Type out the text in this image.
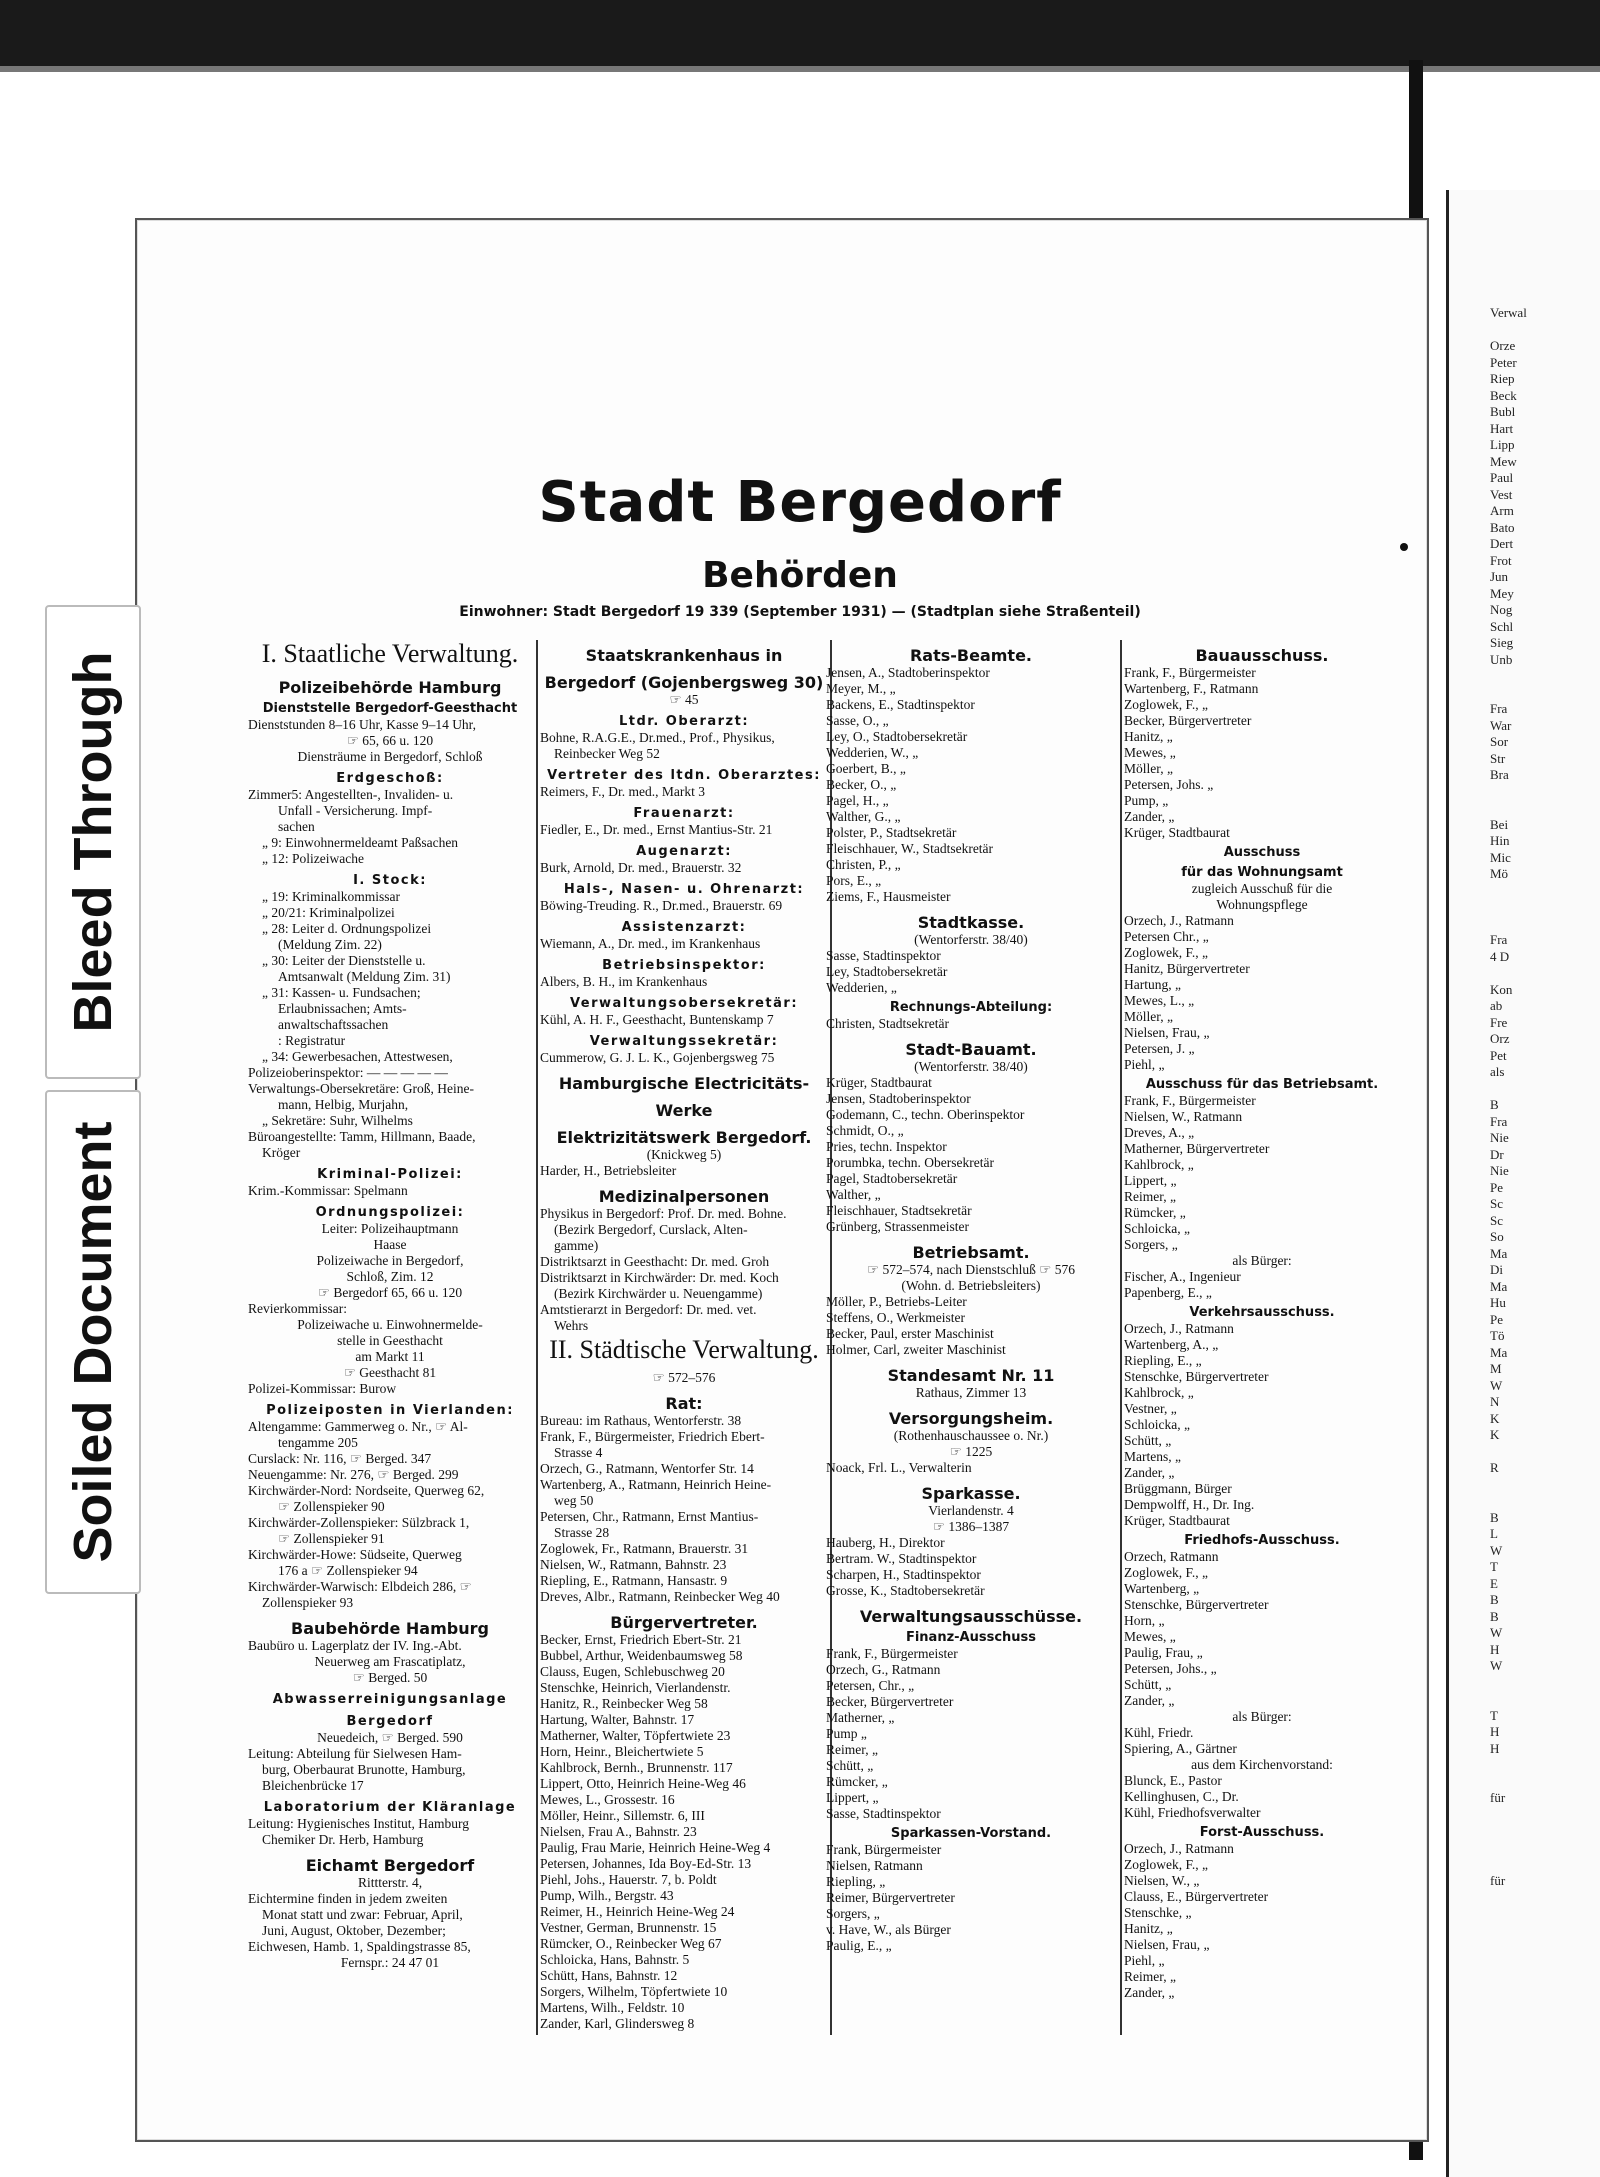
Verwal

Orze
Peter
Riep
Beck
Bubl
Hart
Lipp
Mew
Paul
Vest
Arm
Bato
Dert
Frot
Jun
Mey
Nog
Schl
Sieg
Unb

Fra
War
Sor
Str
Bra

Bei
Hin
Mic
Mö

Fra
4 D

Kon
ab
Fre
Orz
Pet
als

B
Fra
Nie
Dr
Nie
Pe
Sc
Sc
So
Ma
Di
Ma
Hu
Pe
Tö
Ma
M
W
N
K
K

R

B
L
W
T
E
B
B
W
H
W

T
H
H

für

für
Bleed Through
Soiled Document
Stadt Bergedorf
Behörden
Einwohner: Stadt Bergedorf 19 339 (September 1931) — (Stadtplan siehe Straßenteil)

I. Staatliche Verwaltung.

Polizeibehörde Hamburg

Dienststelle Bergedorf-Geesthacht

Dienststunden 8–16 Uhr, Kasse 9–14 Uhr,

☞ 65, 66 u. 120

Diensträume in Bergedorf, Schloß

Erdgeschoß:

Zimmer5: Angestellten-, Invaliden- u.

Unfall - Versicherung. Impf-

sachen

„ 9: Einwohnermeldeamt Paßsachen

„ 12: Polizeiwache

I. Stock:

„ 19: Kriminalkommissar

„ 20/21: Kriminalpolizei

„ 28: Leiter d. Ordnungspolizei

(Meldung Zim. 22)

„ 30: Leiter der Dienststelle u.

Amtsanwalt (Meldung Zim. 31)

„ 31: Kassen- u. Fundsachen;

Erlaubnissachen; Amts-

anwaltschaftssachen

: Registratur

„ 34: Gewerbesachen, Attestwesen,

Polizeioberinspektor: — — — — —

Verwaltungs-Obersekretäre: Groß, Heine-

mann, Helbig, Murjahn,

„ Sekretäre: Suhr, Wilhelms

Büroangestellte: Tamm, Hillmann, Baade,

Kröger

Kriminal-Polizei:

Krim.-Kommissar: Spelmann

Ordnungspolizei:

Leiter: Polizeihauptmann

Haase

Polizeiwache in Bergedorf,

Schloß, Zim. 12

☞ Bergedorf 65, 66 u. 120

Revierkommissar:

Polizeiwache u. Einwohnermelde-

stelle in Geesthacht

am Markt 11

☞ Geesthacht 81

Polizei-Kommissar: Burow

Polizeiposten in Vierlanden:

Altengamme: Gammerweg o. Nr., ☞ Al-

tengamme 205

Curslack: Nr. 116, ☞ Berged. 347

Neuengamme: Nr. 276, ☞ Berged. 299

Kirchwärder-Nord: Nordseite, Querweg 62,

☞ Zollenspieker 90

Kirchwärder-Zollenspieker: Sülzbrack 1,

☞ Zollenspieker 91

Kirchwärder-Howe: Südseite, Querweg

176 a ☞ Zollenspieker 94

Kirchwärder-Warwisch: Elbdeich 286, ☞

Zollenspieker 93

Baubehörde Hamburg

Baubüro u. Lagerplatz der IV. Ing.-Abt.

Neuerweg am Frascatiplatz,

☞ Berged. 50

Abwasserreinigungsanlage

Bergedorf

Neuedeich, ☞ Berged. 590

Leitung: Abteilung für Sielwesen Ham-

burg, Oberbaurat Brunotte, Hamburg,

Bleichenbrücke 17

Laboratorium der Kläranlage

Leitung: Hygienisches Institut, Hamburg

Chemiker Dr. Herb, Hamburg

Eichamt Bergedorf

Rittterstr. 4,

Eichtermine finden in jedem zweiten

Monat statt und zwar: Februar, April,

Juni, August, Oktober, Dezember;

Eichwesen, Hamb. 1, Spaldingstrasse 85,

Fernspr.: 24 47 01

Staatskrankenhaus in

Bergedorf (Gojenbergsweg 30)

☞ 45

Ltdr. Oberarzt:

Bohne, R.A.G.E., Dr.med., Prof., Physikus,

Reinbecker Weg 52

Vertreter des ltdn. Oberarztes:

Reimers, F., Dr. med., Markt 3

Frauenarzt:

Fiedler, E., Dr. med., Ernst Mantius-Str. 21

Augenarzt:

Burk, Arnold, Dr. med., Brauerstr. 32

Hals-, Nasen- u. Ohrenarzt:

Böwing-Treuding. R., Dr.med., Brauerstr. 69

Assistenzarzt:

Wiemann, A., Dr. med., im Krankenhaus

Betriebsinspektor:

Albers, B. H., im Krankenhaus

Verwaltungsobersekretär:

Kühl, A. H. F., Geesthacht, Buntenskamp 7

Verwaltungssekretär:

Cummerow, G. J. L. K., Gojenbergsweg 75

Hamburgische Electricitäts-

Werke

Elektrizitätswerk Bergedorf.

(Knickweg 5)

Harder, H., Betriebsleiter

Medizinalpersonen

Physikus in Bergedorf: Prof. Dr. med. Bohne.

(Bezirk Bergedorf, Curslack, Alten-

gamme)

Distriktsarzt in Geesthacht: Dr. med. Groh

Distriktsarzt in Kirchwärder: Dr. med. Koch

(Bezirk Kirchwärder u. Neuengamme)

Amtstierarzt in Bergedorf: Dr. med. vet.

Wehrs

II. Städtische Verwaltung.

☞ 572–576

Rat:

Bureau: im Rathaus, Wentorferstr. 38

Frank, F., Bürgermeister, Friedrich Ebert-

Strasse 4

Orzech, G., Ratmann, Wentorfer Str. 14

Wartenberg, A., Ratmann, Heinrich Heine-

weg 50

Petersen, Chr., Ratmann, Ernst Mantius-

Strasse 28

Zoglowek, Fr., Ratmann, Brauerstr. 31

Nielsen, W., Ratmann, Bahnstr. 23

Riepling, E., Ratmann, Hansastr. 9

Dreves, Albr., Ratmann, Reinbecker Weg 40

Bürgervertreter.

Becker, Ernst, Friedrich Ebert-Str. 21

Bubbel, Arthur, Weidenbaumsweg 58

Clauss, Eugen, Schlebuschweg 20

Stenschke, Heinrich, Vierlandenstr.

Hanitz, R., Reinbecker Weg 58

Hartung, Walter, Bahnstr. 17

Matherner, Walter, Töpfertwiete 23

Horn, Heinr., Bleichertwiete 5

Kahlbrock, Bernh., Brunnenstr. 117

Lippert, Otto, Heinrich Heine-Weg 46

Mewes, L., Grossestr. 16

Möller, Heinr., Sillemstr. 6, III

Nielsen, Frau A., Bahnstr. 23

Paulig, Frau Marie, Heinrich Heine-Weg 4

Petersen, Johannes, Ida Boy-Ed-Str. 13

Piehl, Johs., Hauerstr. 7, b. Poldt

Pump, Wilh., Bergstr. 43

Reimer, H., Heinrich Heine-Weg 24

Vestner, German, Brunnenstr. 15

Rümcker, O., Reinbecker Weg 67

Schloicka, Hans, Bahnstr. 5

Schütt, Hans, Bahnstr. 12

Sorgers, Wilhelm, Töpfertwiete 10

Martens, Wilh., Feldstr. 10

Zander, Karl, Glindersweg 8

Rats-Beamte.

Jensen, A., Stadtoberinspektor

Meyer, M., „

Backens, E., Stadtinspektor

Sasse, O., „

Ley, O., Stadtobersekretär

Wedderien, W., „

Goerbert, B., „

Becker, O., „

Pagel, H., „

Walther, G., „

Polster, P., Stadtsekretär

Fleischhauer, W., Stadtsekretär

Christen, P., „

Pors, E., „

Ziems, F., Hausmeister

Stadtkasse.

(Wentorferstr. 38/40)

Sasse, Stadtinspektor

Ley, Stadtobersekretär

Wedderien, „

Rechnungs-Abteilung:

Christen, Stadtsekretär

Stadt-Bauamt.

(Wentorferstr. 38/40)

Krüger, Stadtbaurat

Jensen, Stadtoberinspektor

Godemann, C., techn. Oberinspektor

Schmidt, O., „

Pries, techn. Inspektor

Porumbka, techn. Obersekretär

Pagel, Stadtobersekretär

Walther, „

Fleischhauer, Stadtsekretär

Grünberg, Strassenmeister

Betriebsamt.

☞ 572–574, nach Dienstschluß ☞ 576

(Wohn. d. Betriebsleiters)

Möller, P., Betriebs-Leiter

Steffens, O., Werkmeister

Becker, Paul, erster Maschinist

Holmer, Carl, zweiter Maschinist

Standesamt Nr. 11

Rathaus, Zimmer 13

Versorgungsheim.

(Rothenhauschaussee o. Nr.)

☞ 1225

Noack, Frl. L., Verwalterin

Sparkasse.

Vierlandenstr. 4

☞ 1386–1387

Hauberg, H., Direktor

Bertram. W., Stadtinspektor

Scharpen, H., Stadtinspektor

Grosse, K., Stadtobersekretär

Verwaltungsausschüsse.

Finanz-Ausschuss

Frank, F., Bürgermeister

Orzech, G., Ratmann

Petersen, Chr., „

Becker, Bürgervertreter

Matherner, „

Pump „

Reimer, „

Schütt, „

Rümcker, „

Lippert, „

Sasse, Stadtinspektor

Sparkassen-Vorstand.

Frank, Bürgermeister

Nielsen, Ratmann

Riepling, „

Reimer, Bürgervertreter

Sorgers, „

v. Have, W., als Bürger

Paulig, E., „

Bauausschuss.

Frank, F., Bürgermeister

Wartenberg, F., Ratmann

Zoglowek, F., „

Becker, Bürgervertreter

Hanitz, „

Mewes, „

Möller, „

Petersen, Johs. „

Pump, „

Zander, „

Krüger, Stadtbaurat

Ausschuss

für das Wohnungsamt

zugleich Ausschuß für die

Wohnungspflege

Orzech, J., Ratmann

Petersen Chr., „

Zoglowek, F., „

Hanitz, Bürgervertreter

Hartung, „

Mewes, L., „

Möller, „

Nielsen, Frau, „

Petersen, J. „

Piehl, „

Ausschuss für das Betriebsamt.

Frank, F., Bürgermeister

Nielsen, W., Ratmann

Dreves, A., „

Matherner, Bürgervertreter

Kahlbrock, „

Lippert, „

Reimer, „

Rümcker, „

Schloicka, „

Sorgers, „

als Bürger:

Fischer, A., Ingenieur

Papenberg, E., „

Verkehrsausschuss.

Orzech, J., Ratmann

Wartenberg, A., „

Riepling, E., „

Stenschke, Bürgervertreter

Kahlbrock, „

Vestner, „

Schloicka, „

Schütt, „

Martens, „

Zander, „

Brüggmann, Bürger

Dempwolff, H., Dr. Ing.

Krüger, Stadtbaurat

Friedhofs-Ausschuss.

Orzech, Ratmann

Zoglowek, F., „

Wartenberg, „

Stenschke, Bürgervertreter

Horn, „

Mewes, „

Paulig, Frau, „

Petersen, Johs., „

Schütt, „

Zander, „

als Bürger:

Kühl, Friedr.

Spiering, A., Gärtner

aus dem Kirchenvorstand:

Blunck, E., Pastor

Kellinghusen, C., Dr.

Kühl, Friedhofsverwalter

Forst-Ausschuss.

Orzech, J., Ratmann

Zoglowek, F., „

Nielsen, W., „

Clauss, E., Bürgervertreter

Stenschke, „

Hanitz, „

Nielsen, Frau, „

Piehl, „

Reimer, „

Zander, „
